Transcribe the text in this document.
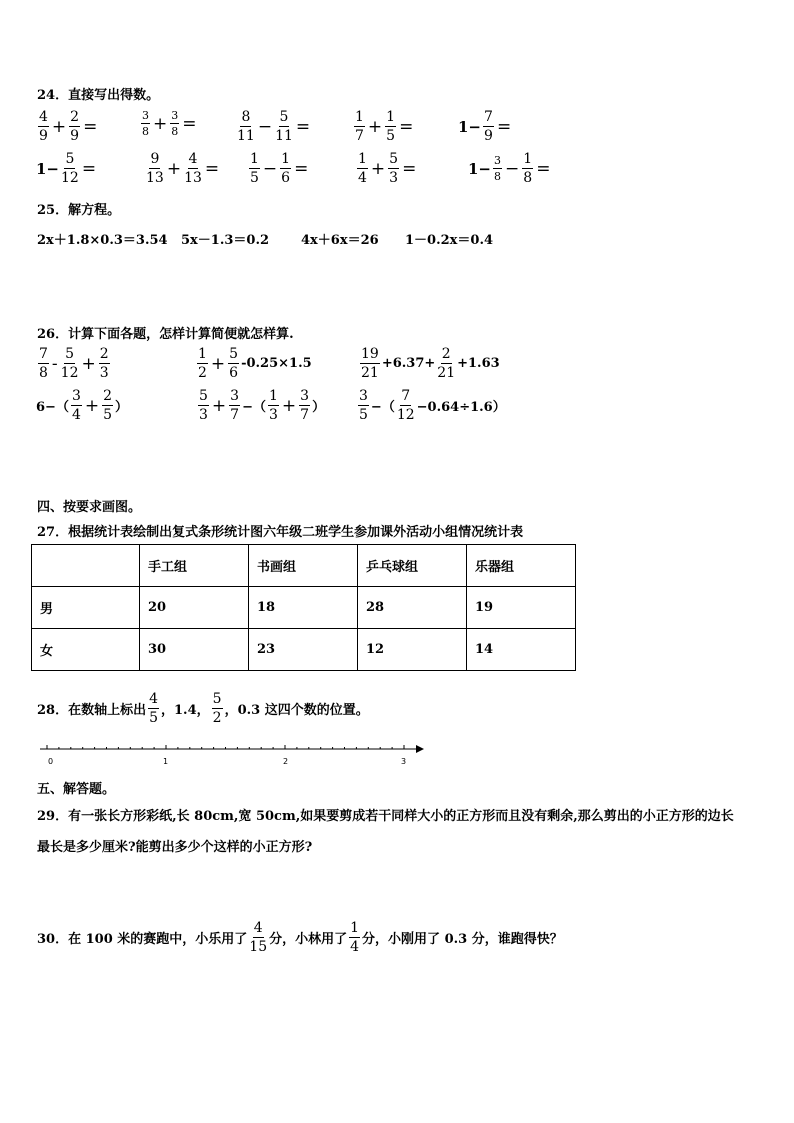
24．直接写出得数。
$\frac{4}{9} + \frac{2}{9}$ =	$\frac{3}{8} + \frac{3}{8}$ =	$\frac{8}{11} - \frac{5}{11}$ =	$\frac{1}{7} + \frac{1}{5}$ =	$1- \frac{7}{9}$ =
$1- \frac{5}{12}$ =	$\frac{9}{13} + \frac{4}{13} = \frac{1}{5} - \frac{1}{6}$ =	$\frac{1}{4} + \frac{5}{3}$ =	$1- \frac{3}{8} - \frac{1}{8}$ =
25．解方程。
2x＋1.8×0.3＝3.54 5x－1.3＝0.2 4x＋6x＝26 1－0.2x＝0.4
26．计算下面各题，怎样计算简便就怎样算.
$\frac{7}{8} - \frac{5}{12} + \frac{2}{3}$	$\frac{1}{2} + \frac{5}{6} -0.25\times 1.5$	$\frac{19}{21} +6.37+ \frac{2}{21} +1.63$
$6-( \frac{3}{4} + \frac{2}{5}$ ）	$\frac{5}{3} + \frac{3}{7}$ −（ $\frac{1}{3} + \frac{3}{7}$ ） $\frac{3}{5}$ −（ $\frac{7}{12} -0.64\div 1.6$）
四、按要求画图。
27．根据统计表绘制出复式条形统计图六年级二班学生参加课外活动小组情况统计表
	手工组	书画组	乒乓球组	乐器组
男	20	18	28	19
女	30	23	12	14
28．在数轴上标出 $\frac{4}{5}$ ，1.4， $\frac{5}{2}$ ，0.3 这四个数的位置。
0	1	2	3
五、解答题。
29．有一张长方形彩纸,长 80cm,宽 50cm,如果要剪成若干同样大小的正方形而且没有剩余,那么剪出的小正方形的边长
最长是多少厘米?能剪出多少个这样的小正方形?
30．在 100 米的赛跑中，小乐用了 $\frac{4}{15}$ 分，小林用了 $\frac{1}{4}$ 分，小刚用了 0.3 分，谁跑得快？
